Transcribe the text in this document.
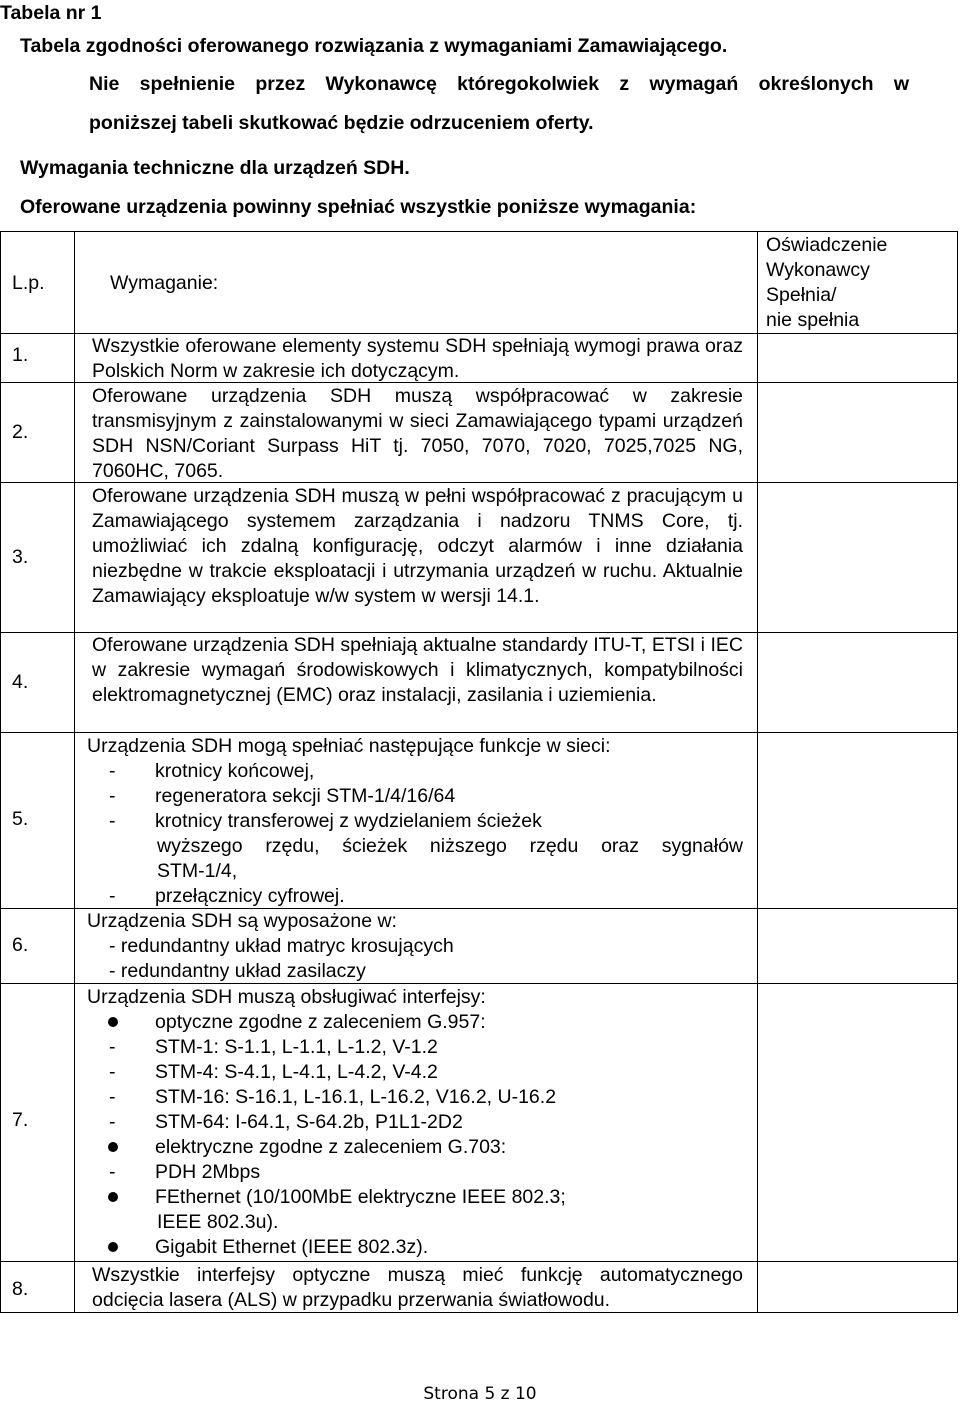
Tabela nr 1
Tabela zgodności oferowanego rozwiązania z wymaganiami Zamawiającego.
Nie spełnienie przez Wykonawcę któregokolwiek z wymagań określonych w
poniższej tabeli skutkować będzie odrzuceniem oferty.
Wymagania techniczne dla urządzeń SDH.
Oferowane urządzenia powinny spełniać wszystkie poniższe wymagania:
L.p.	Wymaganie:
Oświadczenie
Wykonawcy
Spełnia/
nie spełnia
1.
2.
3.
4.
5.
6.
7.
8.
Wszystkie oferowane elementy systemu SDH spełniają wymogi prawa oraz Polskich Norm w zakresie ich dotyczącym.
Oferowane urządzenia SDH muszą współpracować w zakresie transmisyjnym z zainstalowanymi w sieci Zamawiającego typami urządzeń SDH NSN/Coriant Surpass HiT tj. 7050, 7070, 7020, 7025,7025 NG, 7060HC, 7065.
Oferowane urządzenia SDH muszą w pełni współpracować z pracującym u Zamawiającego systemem zarządzania i nadzoru TNMS Core, tj. umożliwiać ich zdalną konfigurację, odczyt alarmów i inne działania niezbędne w trakcie eksploatacji i utrzymania urządzeń w ruchu. Aktualnie Zamawiający eksploatuje w/w system w wersji 14.1.
Oferowane urządzenia SDH spełniają aktualne standardy ITU-T, ETSI i IEC w zakresie wymagań środowiskowych i klimatycznych, kompatybilności elektromagnetycznej (EMC) oraz instalacji, zasilania i uziemienia.
Urządzenia SDH mogą spełniać następujące funkcje w sieci:
- krotnicy końcowej,
- regeneratora sekcji STM-1/4/16/64
- krotnicy transferowej z wydzielaniem ścieżek
wyższego rzędu, ścieżek niższego rzędu oraz sygnałów
STM-1/4,
- przełącznicy cyfrowej.
Urządzenia SDH są wyposażone w:
- redundantny układ matryc krosujących
- redundantny układ zasilaczy
Urządzenia SDH muszą obsługiwać interfejsy:
optyczne zgodne z zaleceniem G.957:
- STM-1: S-1.1, L-1.1, L-1.2, V-1.2
- STM-4: S-4.1, L-4.1, L-4.2, V-4.2
- STM-16: S-16.1, L-16.1, L-16.2, V16.2, U-16.2
- STM-64: I-64.1, S-64.2b, P1L1-2D2
elektryczne zgodne z zaleceniem G.703:
- PDH 2Mbps
FEthernet (10/100MbE elektryczne IEEE 802.3;
IEEE 802.3u).
Gigabit Ethernet (IEEE 802.3z).
Wszystkie interfejsy optyczne muszą mieć funkcję automatycznego odcięcia lasera (ALS) w przypadku przerwania światłowodu.
Strona 5 z 10
